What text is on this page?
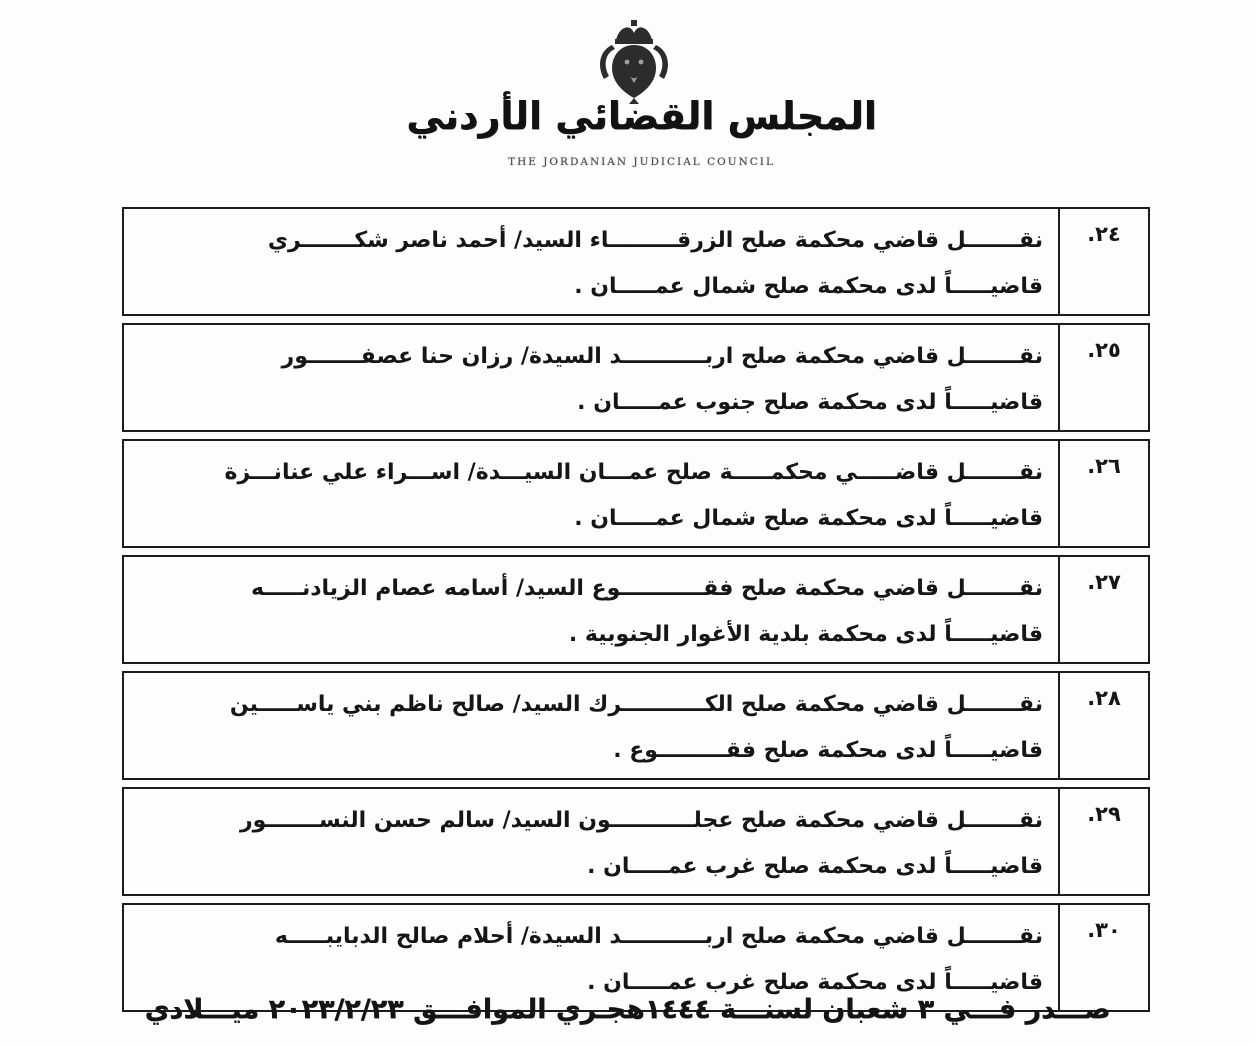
المجلس القضائي الأردني
THE JORDANIAN JUDICIAL COUNCIL
٢٤.
نقـــــــل قاضي محكمة صلح الزرقـــــــــاء السيد/ أحمد ناصر شكـــــــري
قاضيـــــاً لدى محكمة صلح شمال عمـــــان .
٢٥.
نقـــــــل قاضي محكمة صلح اربـــــــــــد السيدة/ رزان حنا عصفـــــــور
قاضيـــــاً لدى محكمة صلح جنوب عمـــــان .
٢٦.
نقـــــــل قاضـــــي محكمـــــة صلح عمـــان السيـــدة/ اســـراء علي عنانـــزة
قاضيـــــاً لدى محكمة صلح شمال عمـــــان .
٢٧.
نقـــــــل قاضي محكمة صلح فقـــــــــــوع السيد/ أسامه عصام الزيادنـــــه
قاضيـــــاً لدى محكمة بلدية الأغوار الجنوبية .
٢٨.
نقـــــــل قاضي محكمة صلح الكـــــــــــرك السيد/ صالح ناظم بني ياســـــين
قاضيـــــاً لدى محكمة صلح فقـــــــــوع .
٢٩.
نقـــــــل قاضي محكمة صلح عجلـــــــــــون السيد/ سالم حسن النســـــــور
قاضيـــــاً لدى محكمة صلح غرب عمـــــان .
٣٠.
نقـــــــل قاضي محكمة صلح اربـــــــــــد السيدة/ أحلام صالح الدبايبـــــه
قاضيـــــاً لدى محكمة صلح غرب عمـــــان .
صـــدر فـــي ٣ شعبان لسنـــة ١٤٤٤هجـري الموافـــق ٢٠٢٣/٢/٢٣ ميـــلادي
